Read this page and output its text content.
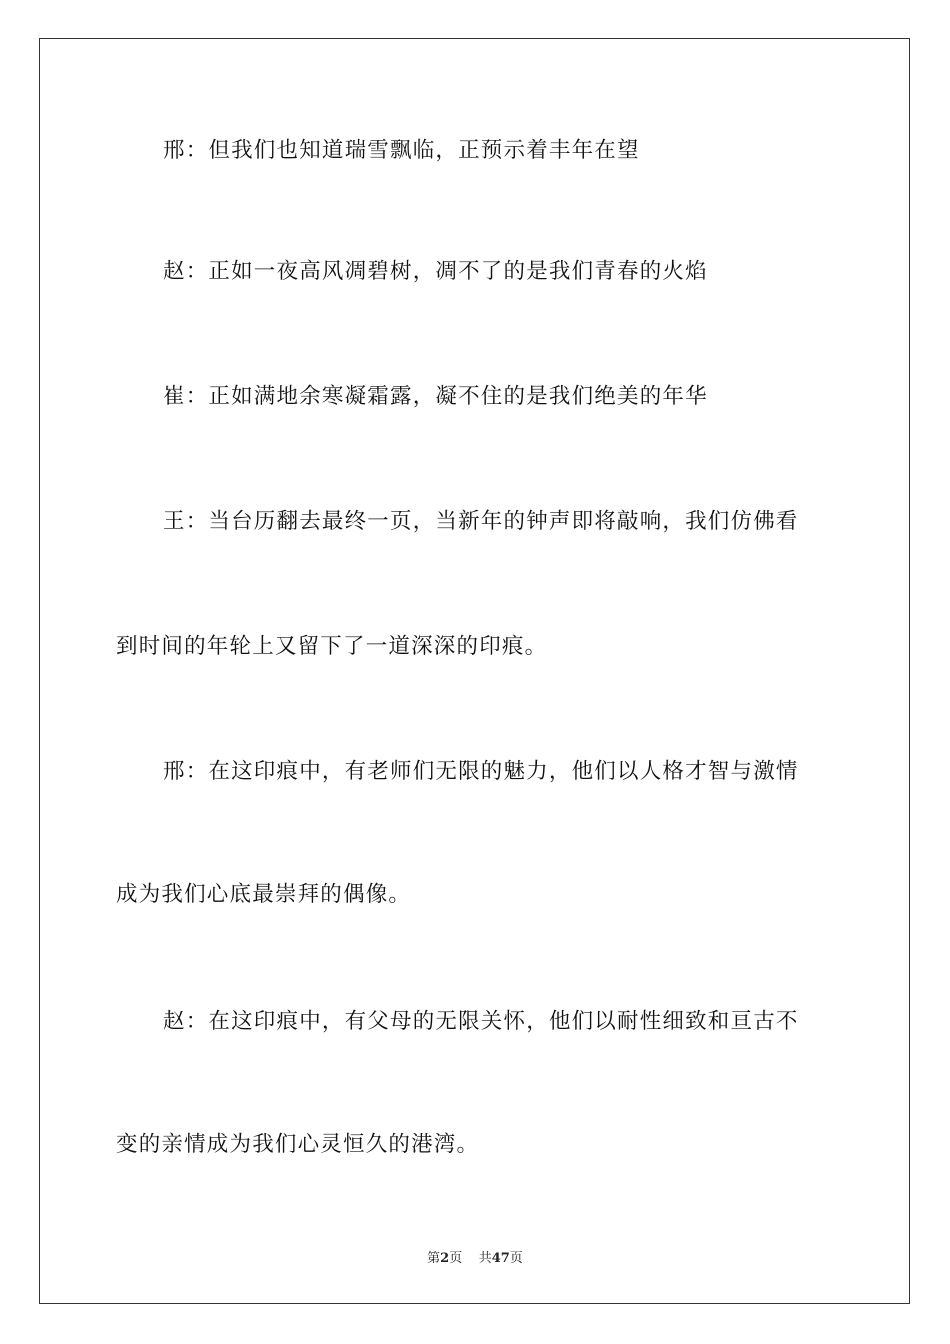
邢：但我们也知道瑞雪飘临，正预示着丰年在望
赵：正如一夜高风凋碧树，凋不了的是我们青春的火焰
崔：正如满地余寒凝霜露，凝不住的是我们绝美的年华
王：当台历翻去最终一页，当新年的钟声即将敲响，我们仿佛看
到时间的年轮上又留下了一道深深的印痕。
邢：在这印痕中，有老师们无限的魅力，他们以人格才智与激情
成为我们心底最崇拜的偶像。
赵：在这印痕中，有父母的无限关怀，他们以耐性细致和亘古不
变的亲情成为我们心灵恒久的港湾。
第2页 共47页
